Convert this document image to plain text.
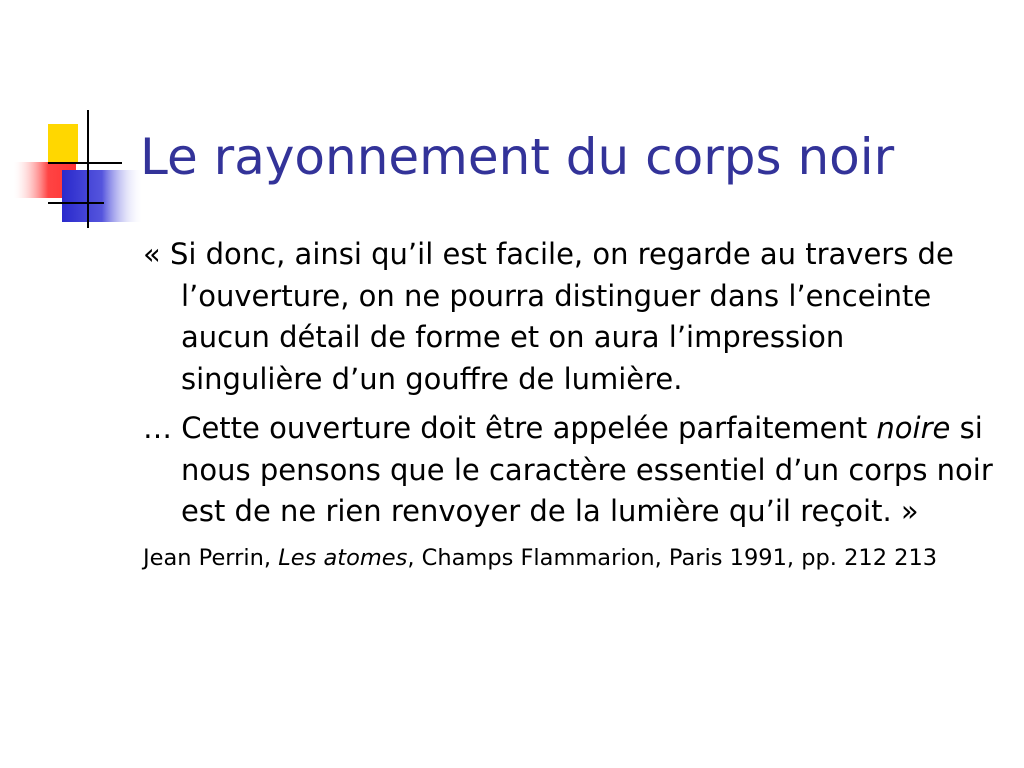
Le rayonnement du corps noir

« Si donc, ainsi qu’il est facile, on regarde au travers de l’ouverture, on ne pourra distinguer dans l’enceinte aucun détail de forme et on aura l’impression singulière d’un gouffre de lumière.

… Cette ouverture doit être appelée parfaitement noire si nous pensons que le caractère essentiel d’un corps noir est de ne rien renvoyer de la lumière qu’il reçoit. »

Jean Perrin, Les atomes, Champs Flammarion, Paris 1991, pp. 212 213
